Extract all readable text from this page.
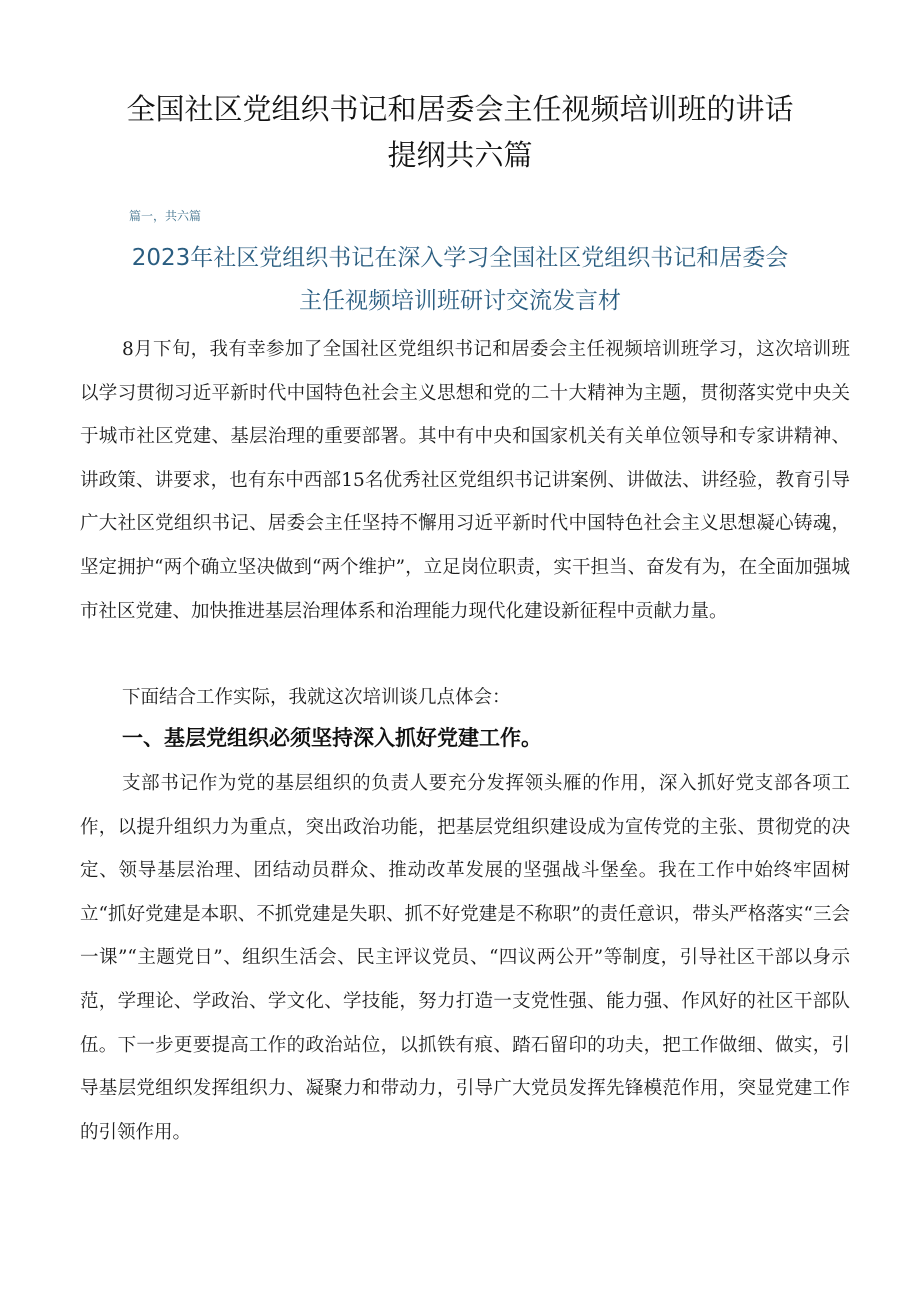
全国社区党组织书记和居委会主任视频培训班的讲话
提纲共六篇
篇一，共六篇
2023年社区党组织书记在深入学习全国社区党组织书记和居委会
主任视频培训班研讨交流发言材

8月下旬，我有幸参加了全国社区党组织书记和居委会主任视频培训班学习，这次培训班以学习贯彻习近平新时代中国特色社会主义思想和党的二十大精神为主题，贯彻落实党中央关于城市社区党建、基层治理的重要部署。其中有中央和国家机关有关单位领导和专家讲精神、讲政策、讲要求，也有东中西部15名优秀社区党组织书记讲案例、讲做法、讲经验，教育引导广大社区党组织书记、居委会主任坚持不懈用习近平新时代中国特色社会主义思想凝心铸魂，坚定拥护“两个确立坚决做到“两个维护”，立足岗位职责，实干担当、奋发有为，在全面加强城市社区党建、加快推进基层治理体系和治理能力现代化建设新征程中贡献力量。

下面结合工作实际，我就这次培训谈几点体会：

一、基层党组织必须坚持深入抓好党建工作。

支部书记作为党的基层组织的负责人要充分发挥领头雁的作用，深入抓好党支部各项工作，以提升组织力为重点，突出政治功能，把基层党组织建设成为宣传党的主张、贯彻党的决定、领导基层治理、团结动员群众、推动改革发展的坚强战斗堡垒。我在工作中始终牢固树立“抓好党建是本职、不抓党建是失职、抓不好党建是不称职”的责任意识，带头严格落实“三会一课”“主题党日”、组织生活会、民主评议党员、“四议两公开”等制度，引导社区干部以身示范，学理论、学政治、学文化、学技能，努力打造一支党性强、能力强、作风好的社区干部队伍。下一步更要提高工作的政治站位，以抓铁有痕、踏石留印的功夫，把工作做细、做实，引导基层党组织发挥组织力、凝聚力和带动力，引导广大党员发挥先锋模范作用，突显党建工作的引领作用。
